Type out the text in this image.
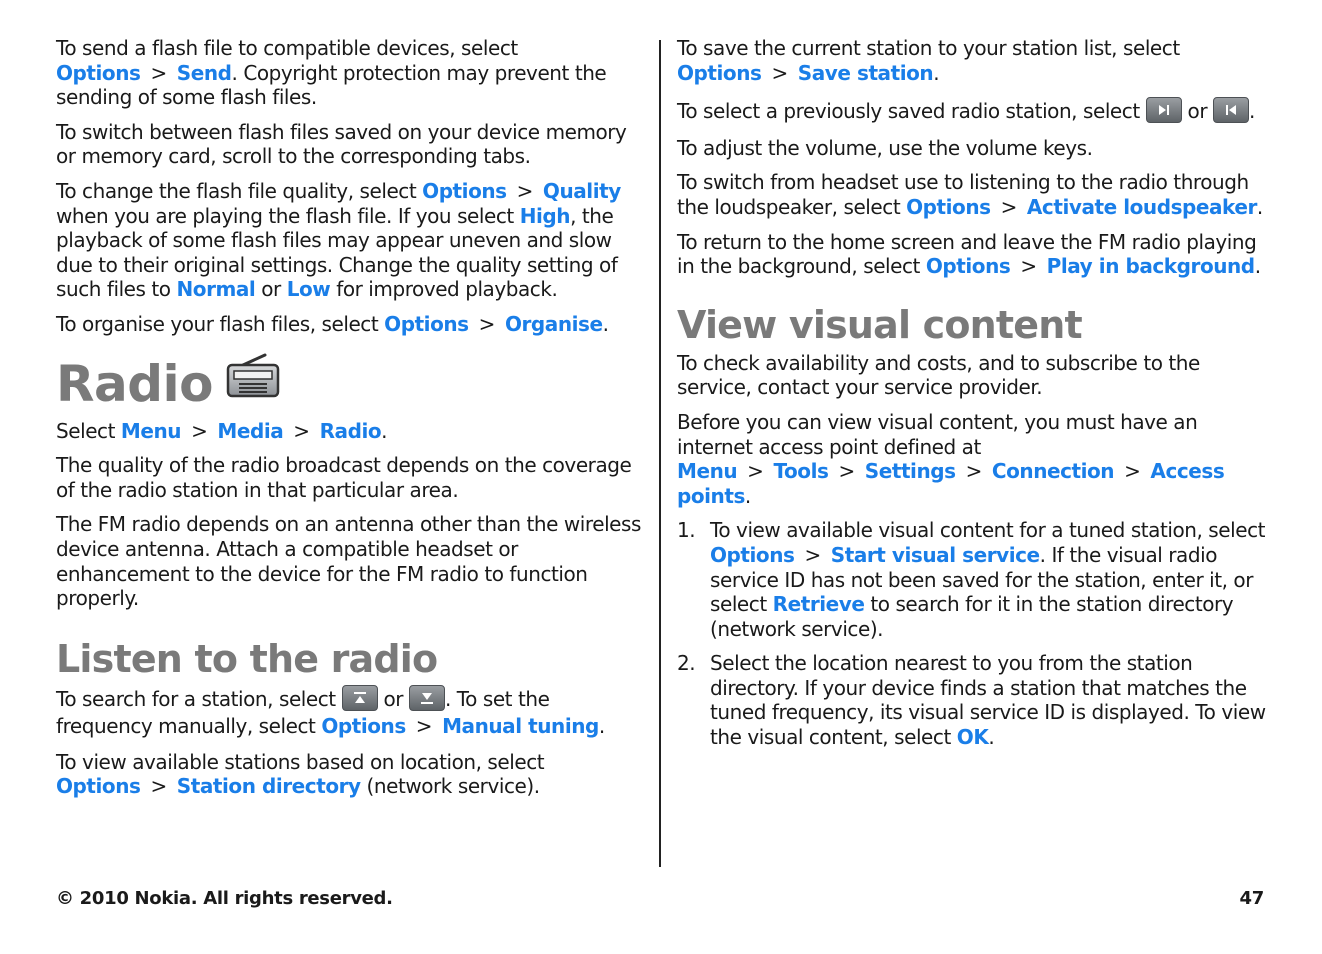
To send a flash file to compatible devices, select Options > Send. Copyright protection may prevent the sending of some flash files.

To switch between flash files saved on your device memory or memory card, scroll to the corresponding tabs.

To change the flash file quality, select Options > Quality when you are playing the flash file. If you select High, the playback of some flash files may appear uneven and slow due to their original settings. Change the quality setting of such files to Normal or Low for improved playback.

To organise your flash files, select Options > Organise.

Radio

Select Menu > Media > Radio.

The quality of the radio broadcast depends on the coverage of the radio station in that particular area.

The FM radio depends on an antenna other than the wireless device antenna. Attach a compatible headset or enhancement to the device for the FM radio to function properly.

Listen to the radio

To search for a station, select
or
. To set the frequency manually, select Options > Manual tuning.

To view available stations based on location, select Options > Station directory (network service).

To save the current station to your station list, select Options > Save station.

To select a previously saved radio station, select
or
.

To adjust the volume, use the volume keys.

To switch from headset use to listening to the radio through the loudspeaker, select Options > Activate loudspeaker.

To return to the home screen and leave the FM radio playing in the background, select Options > Play in background.

View visual content

To check availability and costs, and to subscribe to the service, contact your service provider.

Before you can view visual content, you must have an internet access point defined at Menu > Tools > Settings > Connection > Access points.

1. To view available visual content for a tuned station, select Options > Start visual service. If the visual radio service ID has not been saved for the station, enter it, or select Retrieve to search for it in the station directory (network service).
2. Select the location nearest to you from the station directory. If your device finds a station that matches the tuned frequency, its visual service ID is displayed. To view the visual content, select OK.
© 2010 Nokia. All rights reserved.	47
